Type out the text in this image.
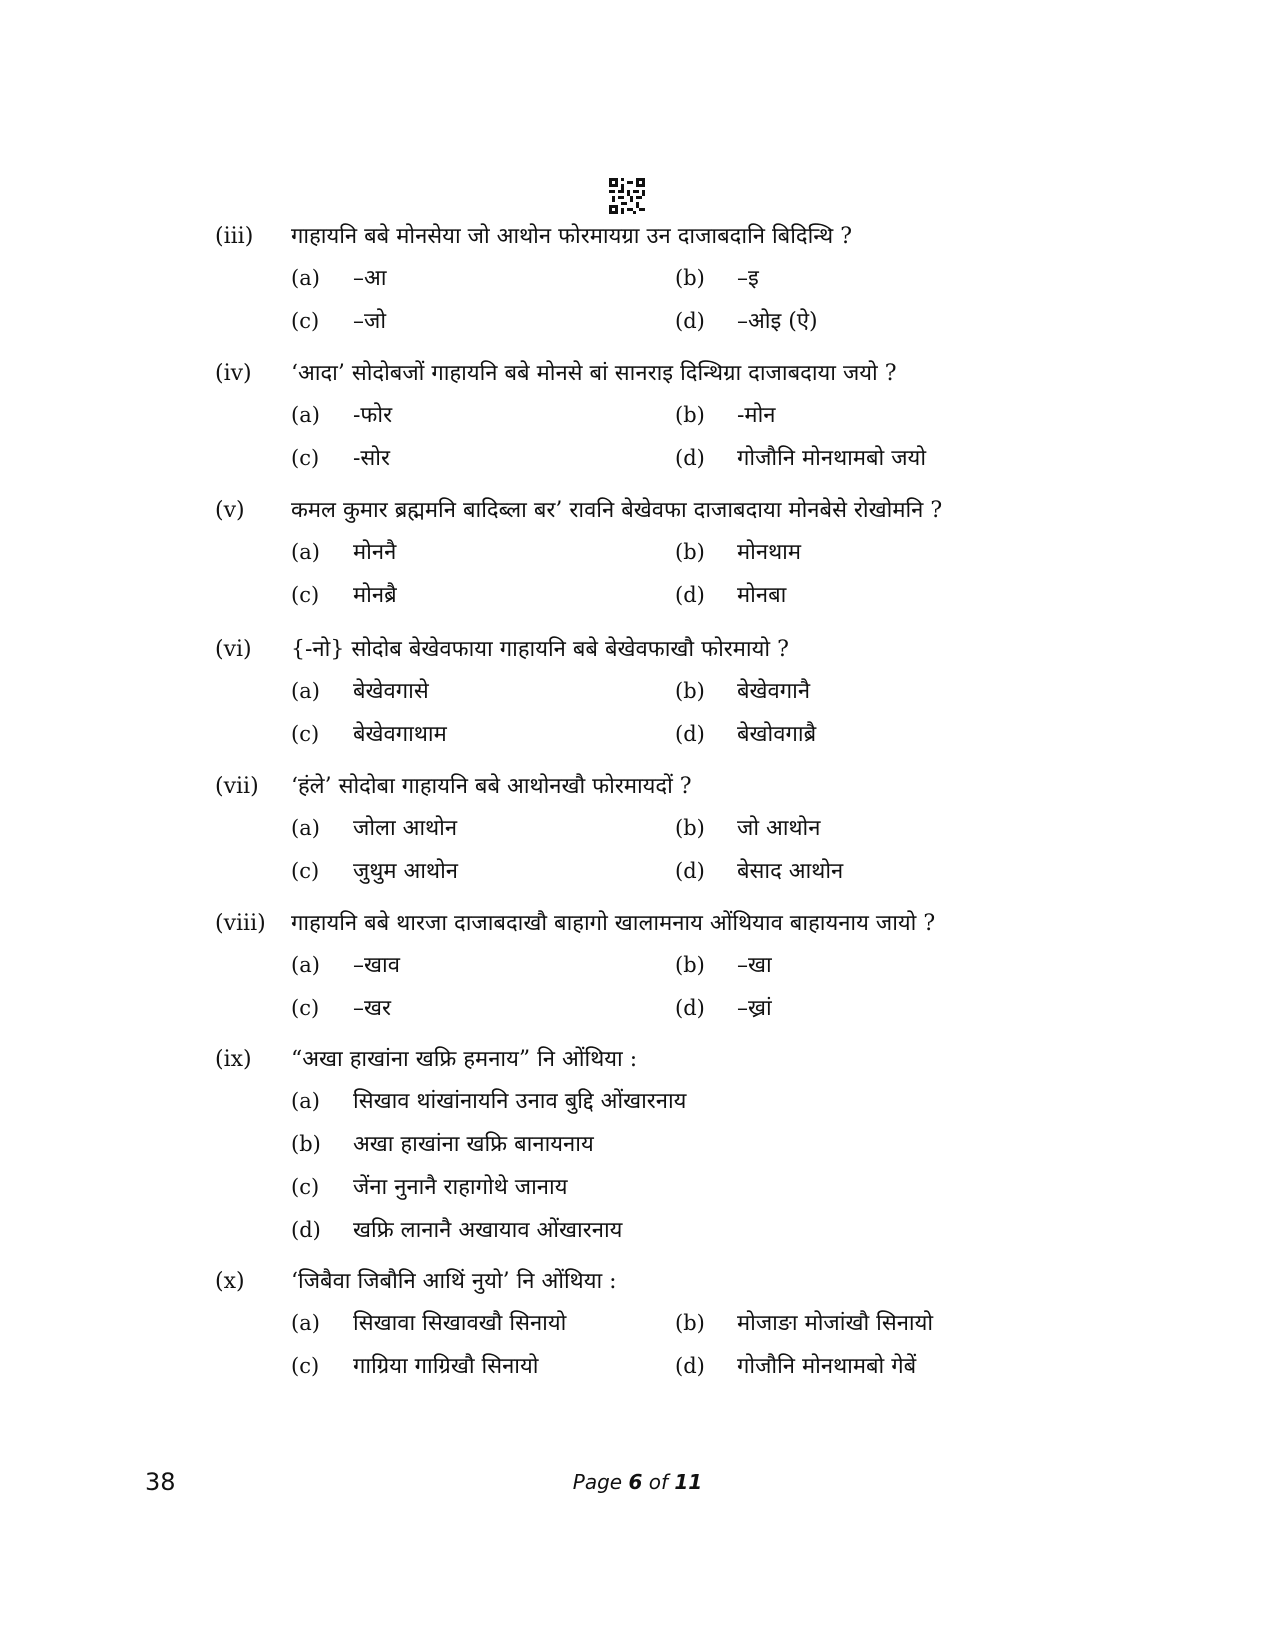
(iii)	गाहायनि बबे मोनसेया जो आथोन फोरमायग्रा उन दाजाबदानि बिदिन्थि ?
(a)	–आ	(b)	–इ
(c)	–जो	(d)	–ओइ (ऐ)
(iv)	‘आदा’ सोदोबजों गाहायनि बबे मोनसे बां सानराइ दिन्थिग्रा दाजाबदाया जयो ?
(a)	-फोर	(b)	-मोन
(c)	-सोर	(d)	गोजौनि मोनथामबो जयो
(v)	कमल कुमार ब्रह्ममनि बादिब्ला बर’ रावनि बेखेवफा दाजाबदाया मोनबेसे रोखोमनि ?
(a)	मोननै	(b)	मोनथाम
(c)	मोनब्रै	(d)	मोनबा
(vi)	{-नो} सोदोब बेखेवफाया गाहायनि बबे बेखेवफाखौ फोरमायो ?
(a)	बेखेवगासे	(b)	बेखेवगानै
(c)	बेखेवगाथाम	(d)	बेखोवगाब्रै
(vii)	‘हंले’ सोदोबा गाहायनि बबे आथोनखौ फोरमायदों ?
(a)	जोला आथोन	(b)	जो आथोन
(c)	जुथुम आथोन	(d)	बेसाद आथोन
(viii)	गाहायनि बबे थारजा दाजाबदाखौ बाहागो खालामनाय ओंथियाव बाहायनाय जायो ?
(a)	–खाव	(b)	–खा
(c)	–खर	(d)	–ख्रां
(ix)	“अखा हाखांना खफ्रि हमनाय” नि ओंथिया :
(a)	सिखाव थांखांनायनि उनाव बुद्दि ओंखारनाय
(b)	अखा हाखांना खफ्रि बानायनाय
(c)	जेंना नुनानै राहागोथे जानाय
(d)	खफ्रि लानानै अखायाव ओंखारनाय
(x)	‘जिबैवा जिबौनि आथिं नुयो’ नि ओंथिया :
(a)	सिखावा सिखावखौ सिनायो	(b)	मोजाङा मोजांखौ सिनायो
(c)	गाग्रिया गाग्रिखौ सिनायो	(d)	गोजौनि मोनथामबो गेबें
38	Page 6 of 11
